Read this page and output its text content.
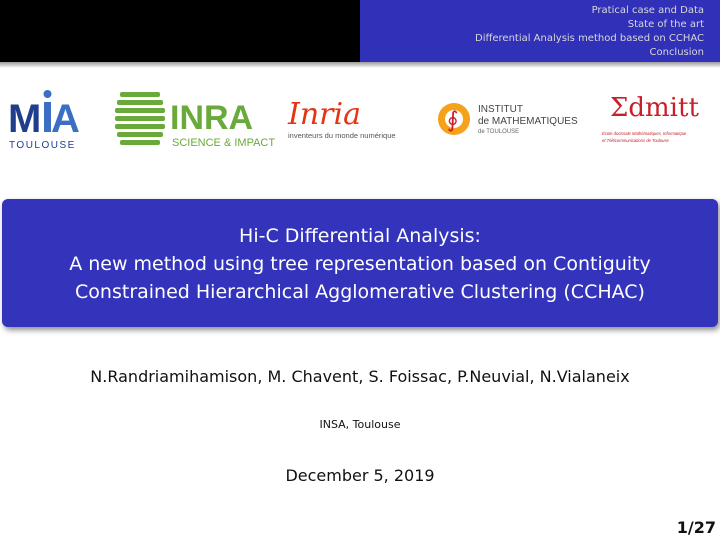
Pratical case and Data
State of the art
Differential Analysis method based on CCHAC
Conclusion
M A
TOULOUSE
INRA
SCIENCE & IMPACT
Inria
inventeurs du monde numérique
∮ INSTITUT
de MATHEMATIQUES
de TOULOUSE
Σdmitt
École doctorale Mathématiques, Informatique
et Télécommunications de Toulouse
Hi-C Differential Analysis:
A new method using tree representation based on Contiguity
Constrained Hierarchical Agglomerative Clustering (CCHAC)
N.Randriamihamison, M. Chavent, S. Foissac, P.Neuvial, N.Vialaneix
INSA, Toulouse
December 5, 2019
1/27
